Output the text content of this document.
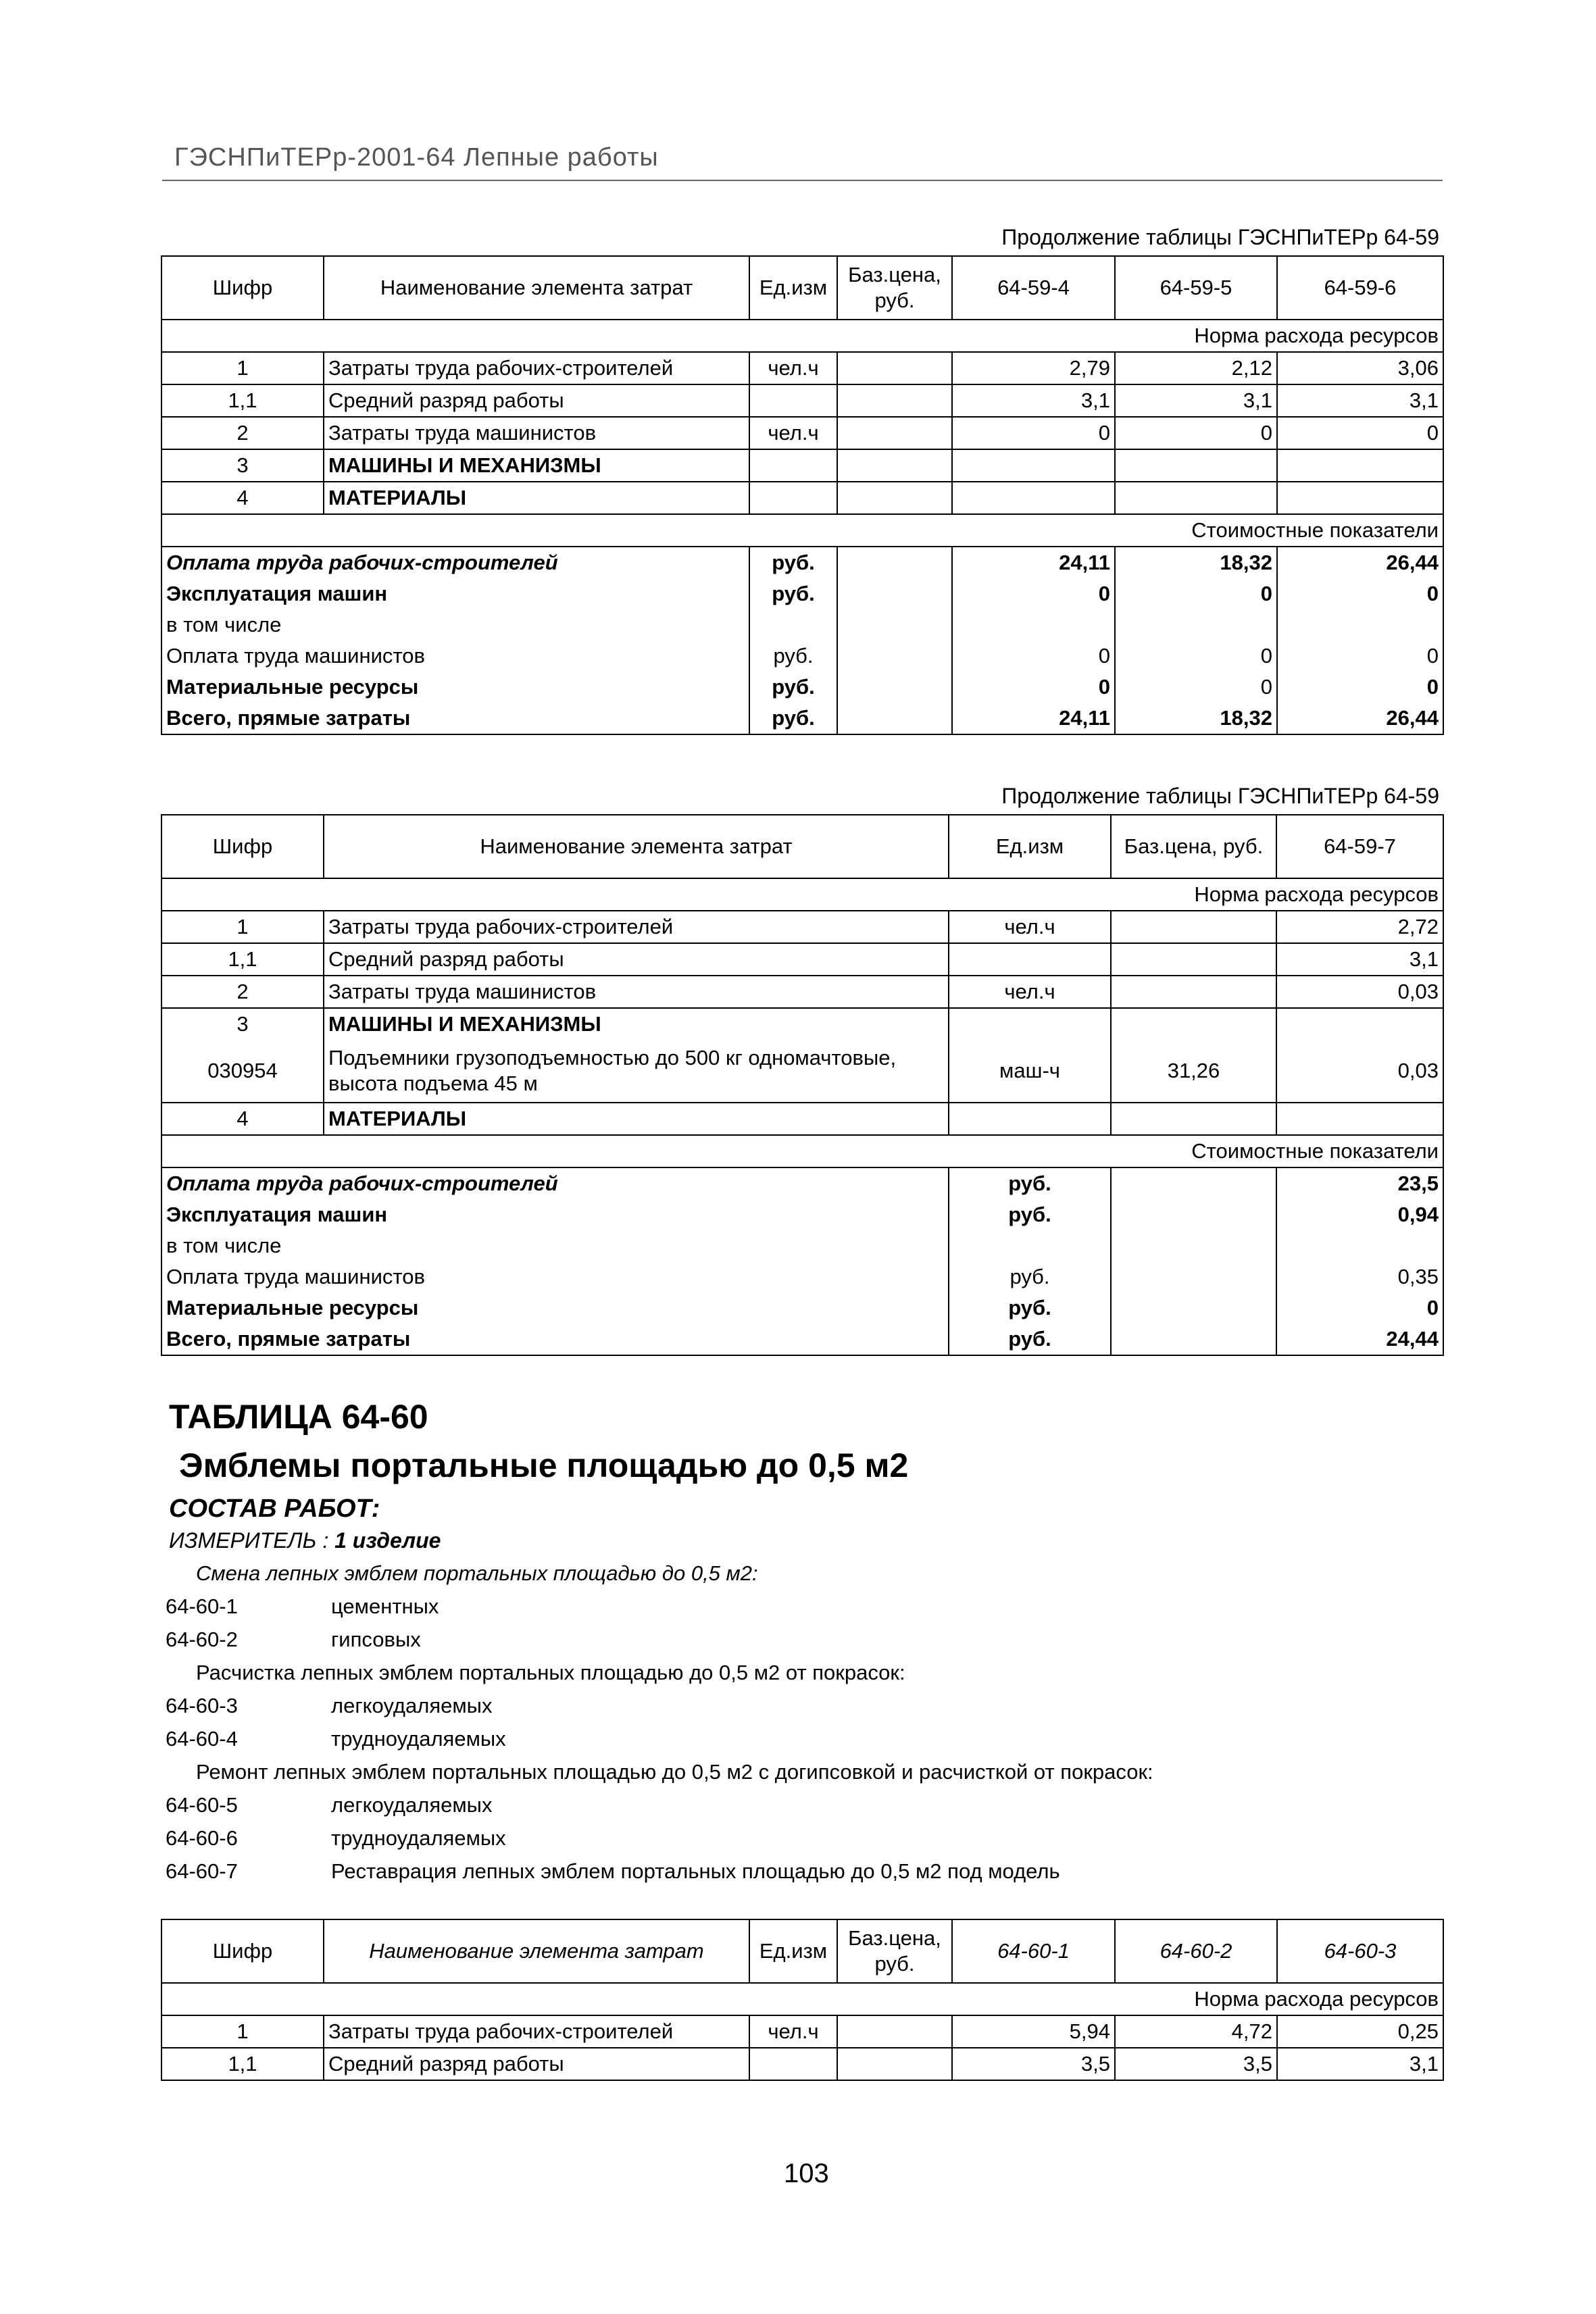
ГЭСНПиТЕРр-2001-64 Лепные работы
Продолжение таблицы ГЭСНПиТЕРр 64-59
Шифр	Наименование элемента затрат	Ед.изм	Баз.цена, руб.	64-59-4	64-59-5	64-59-6
Норма расхода ресурсов						
1	Затраты труда рабочих-строителей	чел.ч		2,79	2,12	3,06
1,1	Средний разряд работы			3,1	3,1	3,1
2	Затраты труда машинистов	чел.ч		0	0	0
3	МАШИНЫ И МЕХАНИЗМЫ					
4	МАТЕРИАЛЫ					
Стоимостные показатели						
Оплата труда рабочих-строителей		руб.		24,11	18,32	26,44
Эксплуатация машин		руб.		0	0	0
в том числе						
Оплата труда машинистов		руб.		0	0	0
Материальные ресурсы		руб.		0	0	0
Всего, прямые затраты		руб.		24,11	18,32	26,44
Продолжение таблицы ГЭСНПиТЕРр 64-59
Шифр	Наименование элемента затрат	Ед.изм	Баз.цена, руб.	64-59-7
Норма расхода ресурсов				
1	Затраты труда рабочих-строителей	чел.ч		2,72
1,1	Средний разряд работы			3,1
2	Затраты труда машинистов	чел.ч		0,03
3	МАШИНЫ И МЕХАНИЗМЫ			
030954	Подъемники грузоподъемностью до 500 кг одномачтовые, высота подъема 45 м	маш-ч	31,26	0,03
4	МАТЕРИАЛЫ			
Стоимостные показатели				
Оплата труда рабочих-строителей		руб.		23,5
Эксплуатация машин		руб.		0,94
в том числе				
Оплата труда машинистов		руб.		0,35
Материальные ресурсы		руб.		0
Всего, прямые затраты		руб.		24,44
ТАБЛИЦА 64-60
Эмблемы портальные площадью до 0,5 м2
СОСТАВ РАБОТ:
ИЗМЕРИТЕЛЬ : 1 изделие
Смена лепных эмблем портальных площадью до 0,5 м2:
64-60-1	цементных
64-60-2	гипсовых
Расчистка лепных эмблем портальных площадью до 0,5 м2 от покрасок:
64-60-3	легкоудаляемых
64-60-4	трудноудаляемых
Ремонт лепных эмблем портальных площадью до 0,5 м2 с догипсовкой и расчисткой от покрасок:
64-60-5	легкоудаляемых
64-60-6	трудноудаляемых
64-60-7	Реставрация лепных эмблем портальных площадью до 0,5 м2 под модель
Шифр	Наименование элемента затрат	Ед.изм	Баз.цена, руб.	64-60-1	64-60-2	64-60-3
Норма расхода ресурсов						
1	Затраты труда рабочих-строителей	чел.ч		5,94	4,72	0,25
1,1	Средний разряд работы			3,5	3,5	3,1
103
